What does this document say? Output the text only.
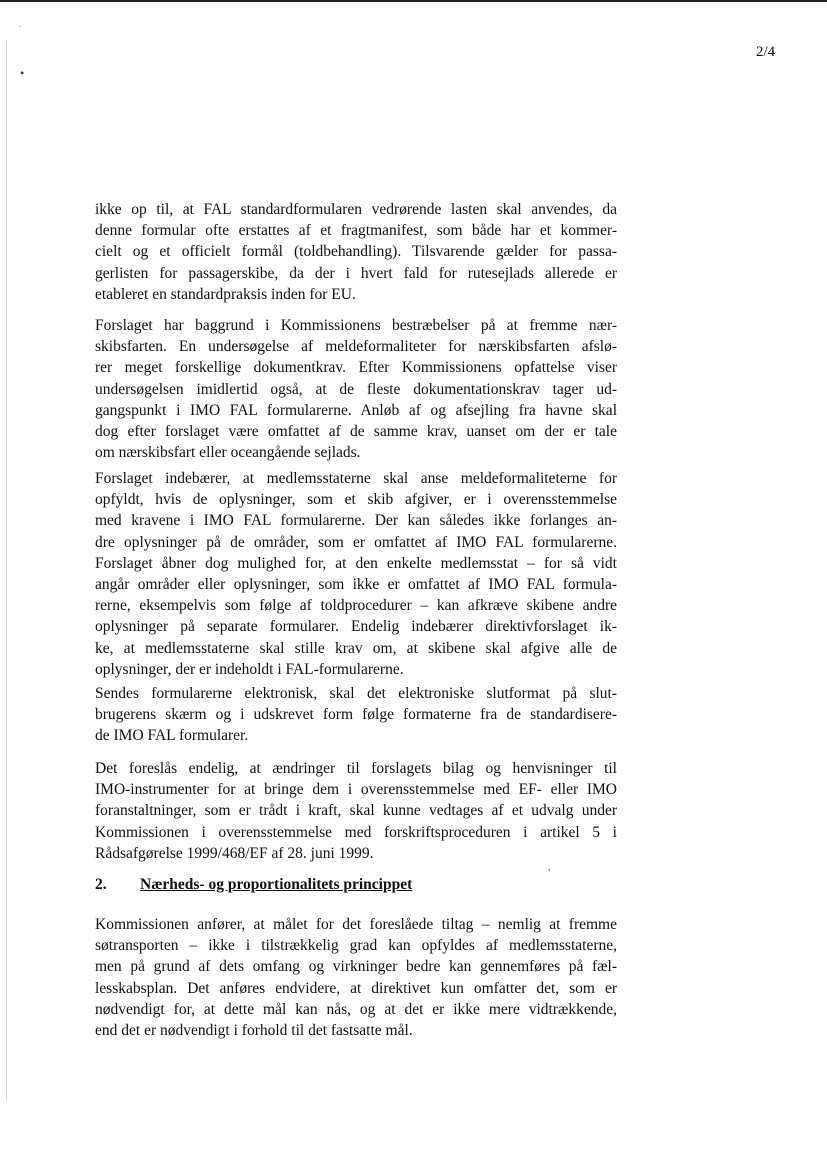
·
•
,
2/4
ikke op til, at FAL standardformularen vedrørende lasten skal anvendes, da
denne formular ofte erstattes af et fragtmanifest, som både har et kommer-
cielt og et officielt formål (toldbehandling). Tilsvarende gælder for passa-
gerlisten for passagerskibe, da der i hvert fald for rutesejlads allerede er
etableret en standardpraksis inden for EU.
Forslaget har baggrund i Kommissionens bestræbelser på at fremme nær-
skibsfarten. En undersøgelse af meldeformaliteter for nærskibsfarten afslø-
rer meget forskellige dokumentkrav. Efter Kommissionens opfattelse viser
undersøgelsen imidlertid også, at de fleste dokumentationskrav tager ud-
gangspunkt i IMO FAL formularerne. Anløb af og afsejling fra havne skal
dog efter forslaget være omfattet af de samme krav, uanset om der er tale
om nærskibsfart eller oceangående sejlads.
Forslaget indebærer, at medlemsstaterne skal anse meldeformaliteterne for
opfyldt, hvis de oplysninger, som et skib afgiver, er i overensstemmelse
med kravene i IMO FAL formularerne. Der kan således ikke forlanges an-
dre oplysninger på de områder, som er omfattet af IMO FAL formularerne.
Forslaget åbner dog mulighed for, at den enkelte medlemsstat – for så vidt
angår områder eller oplysninger, som ikke er omfattet af IMO FAL formula-
rerne, eksempelvis som følge af toldprocedurer – kan afkræve skibene andre
oplysninger på separate formularer. Endelig indebærer direktivforslaget ik-
ke, at medlemsstaterne skal stille krav om, at skibene skal afgive alle de
oplysninger, der er indeholdt i FAL-formularerne.
Sendes formularerne elektronisk, skal det elektroniske slutformat på slut-
brugerens skærm og i udskrevet form følge formaterne fra de standardisere-
de IMO FAL formularer.
Det foreslås endelig, at ændringer til forslagets bilag og henvisninger til
IMO-instrumenter for at bringe dem i overensstemmelse med EF- eller IMO
foranstaltninger, som er trådt i kraft, skal kunne vedtages af et udvalg under
Kommissionen i overensstemmelse med forskriftsproceduren i artikel 5 i
Rådsafgørelse 1999/468/EF af 28. juni 1999.
2. Nærheds- og proportionalitets princippet
Kommissionen anfører, at målet for det foreslåede tiltag – nemlig at fremme
søtransporten – ikke i tilstrækkelig grad kan opfyldes af medlemsstaterne,
men på grund af dets omfang og virkninger bedre kan gennemføres på fæl-
lesskabsplan. Det anføres endvidere, at direktivet kun omfatter det, som er
nødvendigt for, at dette mål kan nås, og at det er ikke mere vidtrækkende,
end det er nødvendigt i forhold til det fastsatte mål.
